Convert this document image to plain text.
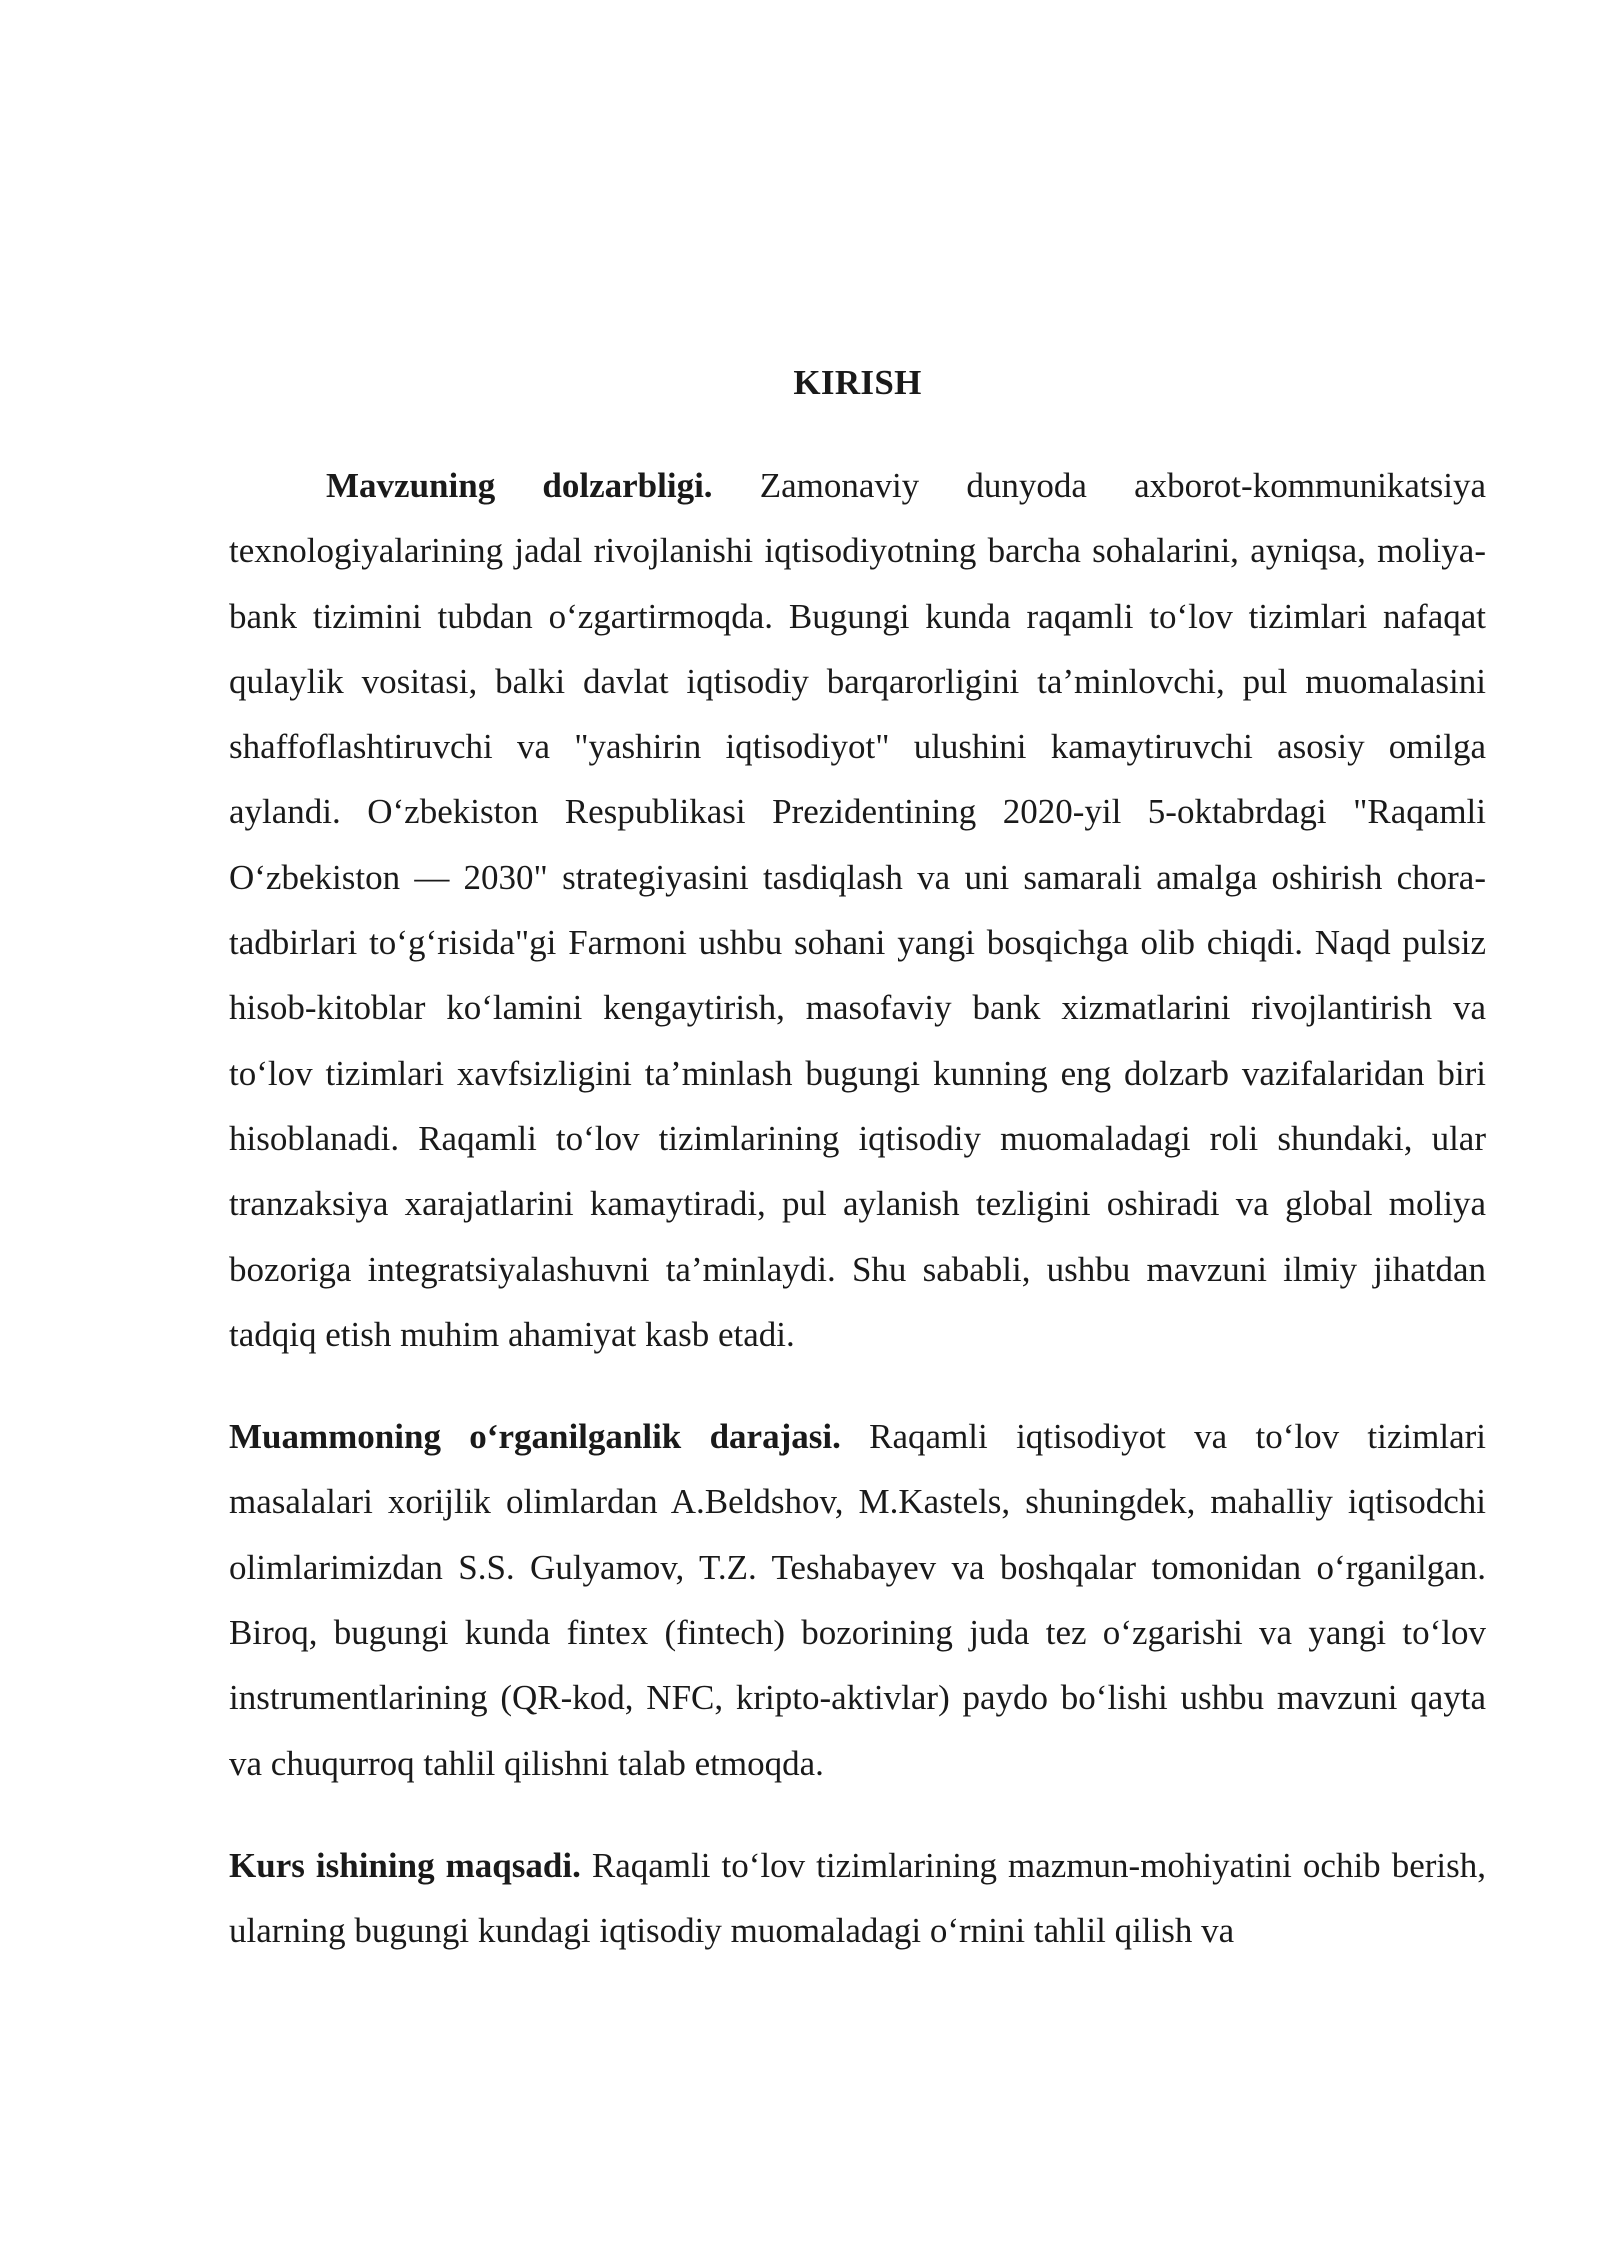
KIRISH

Mavzuning dolzarbligi. Zamonaviy dunyoda axborot-kommunikatsiya texnologiyalarining jadal rivojlanishi iqtisodiyotning barcha sohalarini, ayniqsa, moliya-bank tizimini tubdan o‘zgartirmoqda. Bugungi kunda raqamli to‘lov tizimlari nafaqat qulaylik vositasi, balki davlat iqtisodiy barqarorligini ta’minlovchi, pul muomalasini shaffoflashtiruvchi va "yashirin iqtisodiyot" ulushini kamaytiruvchi asosiy omilga aylandi. O‘zbekiston Respublikasi Prezidentining 2020-yil 5-oktabrdagi "Raqamli O‘zbekiston — 2030" strategiyasini tasdiqlash va uni samarali amalga oshirish chora-tadbirlari to‘g‘risida"gi Farmoni ushbu sohani yangi bosqichga olib chiqdi. Naqd pulsiz hisob-kitoblar ko‘lamini kengaytirish, masofaviy bank xizmatlarini rivojlantirish va to‘lov tizimlari xavfsizligini ta’minlash bugungi kunning eng dolzarb vazifalaridan biri hisoblanadi. Raqamli to‘lov tizimlarining iqtisodiy muomaladagi roli shundaki, ular tranzaksiya xarajatlarini kamaytiradi, pul aylanish tezligini oshiradi va global moliya bozoriga integratsiyalashuvni ta’minlaydi. Shu sababli, ushbu mavzuni ilmiy jihatdan tadqiq etish muhim ahamiyat kasb etadi.

Muammoning o‘rganilganlik darajasi. Raqamli iqtisodiyot va to‘lov tizimlari masalalari xorijlik olimlardan A.Beldshov, M.Kastels, shuningdek, mahalliy iqtisodchi olimlarimizdan S.S. Gulyamov, T.Z. Teshabayev va boshqalar tomonidan o‘rganilgan. Biroq, bugungi kunda fintex (fintech) bozorining juda tez o‘zgarishi va yangi to‘lov instrumentlarining (QR-kod, NFC, kripto-aktivlar) paydo bo‘lishi ushbu mavzuni qayta va chuqurroq tahlil qilishni talab etmoqda.

Kurs ishining maqsadi. Raqamli to‘lov tizimlarining mazmun-mohiyatini ochib berish, ularning bugungi kundagi iqtisodiy muomaladagi o‘rnini tahlil qilish va
